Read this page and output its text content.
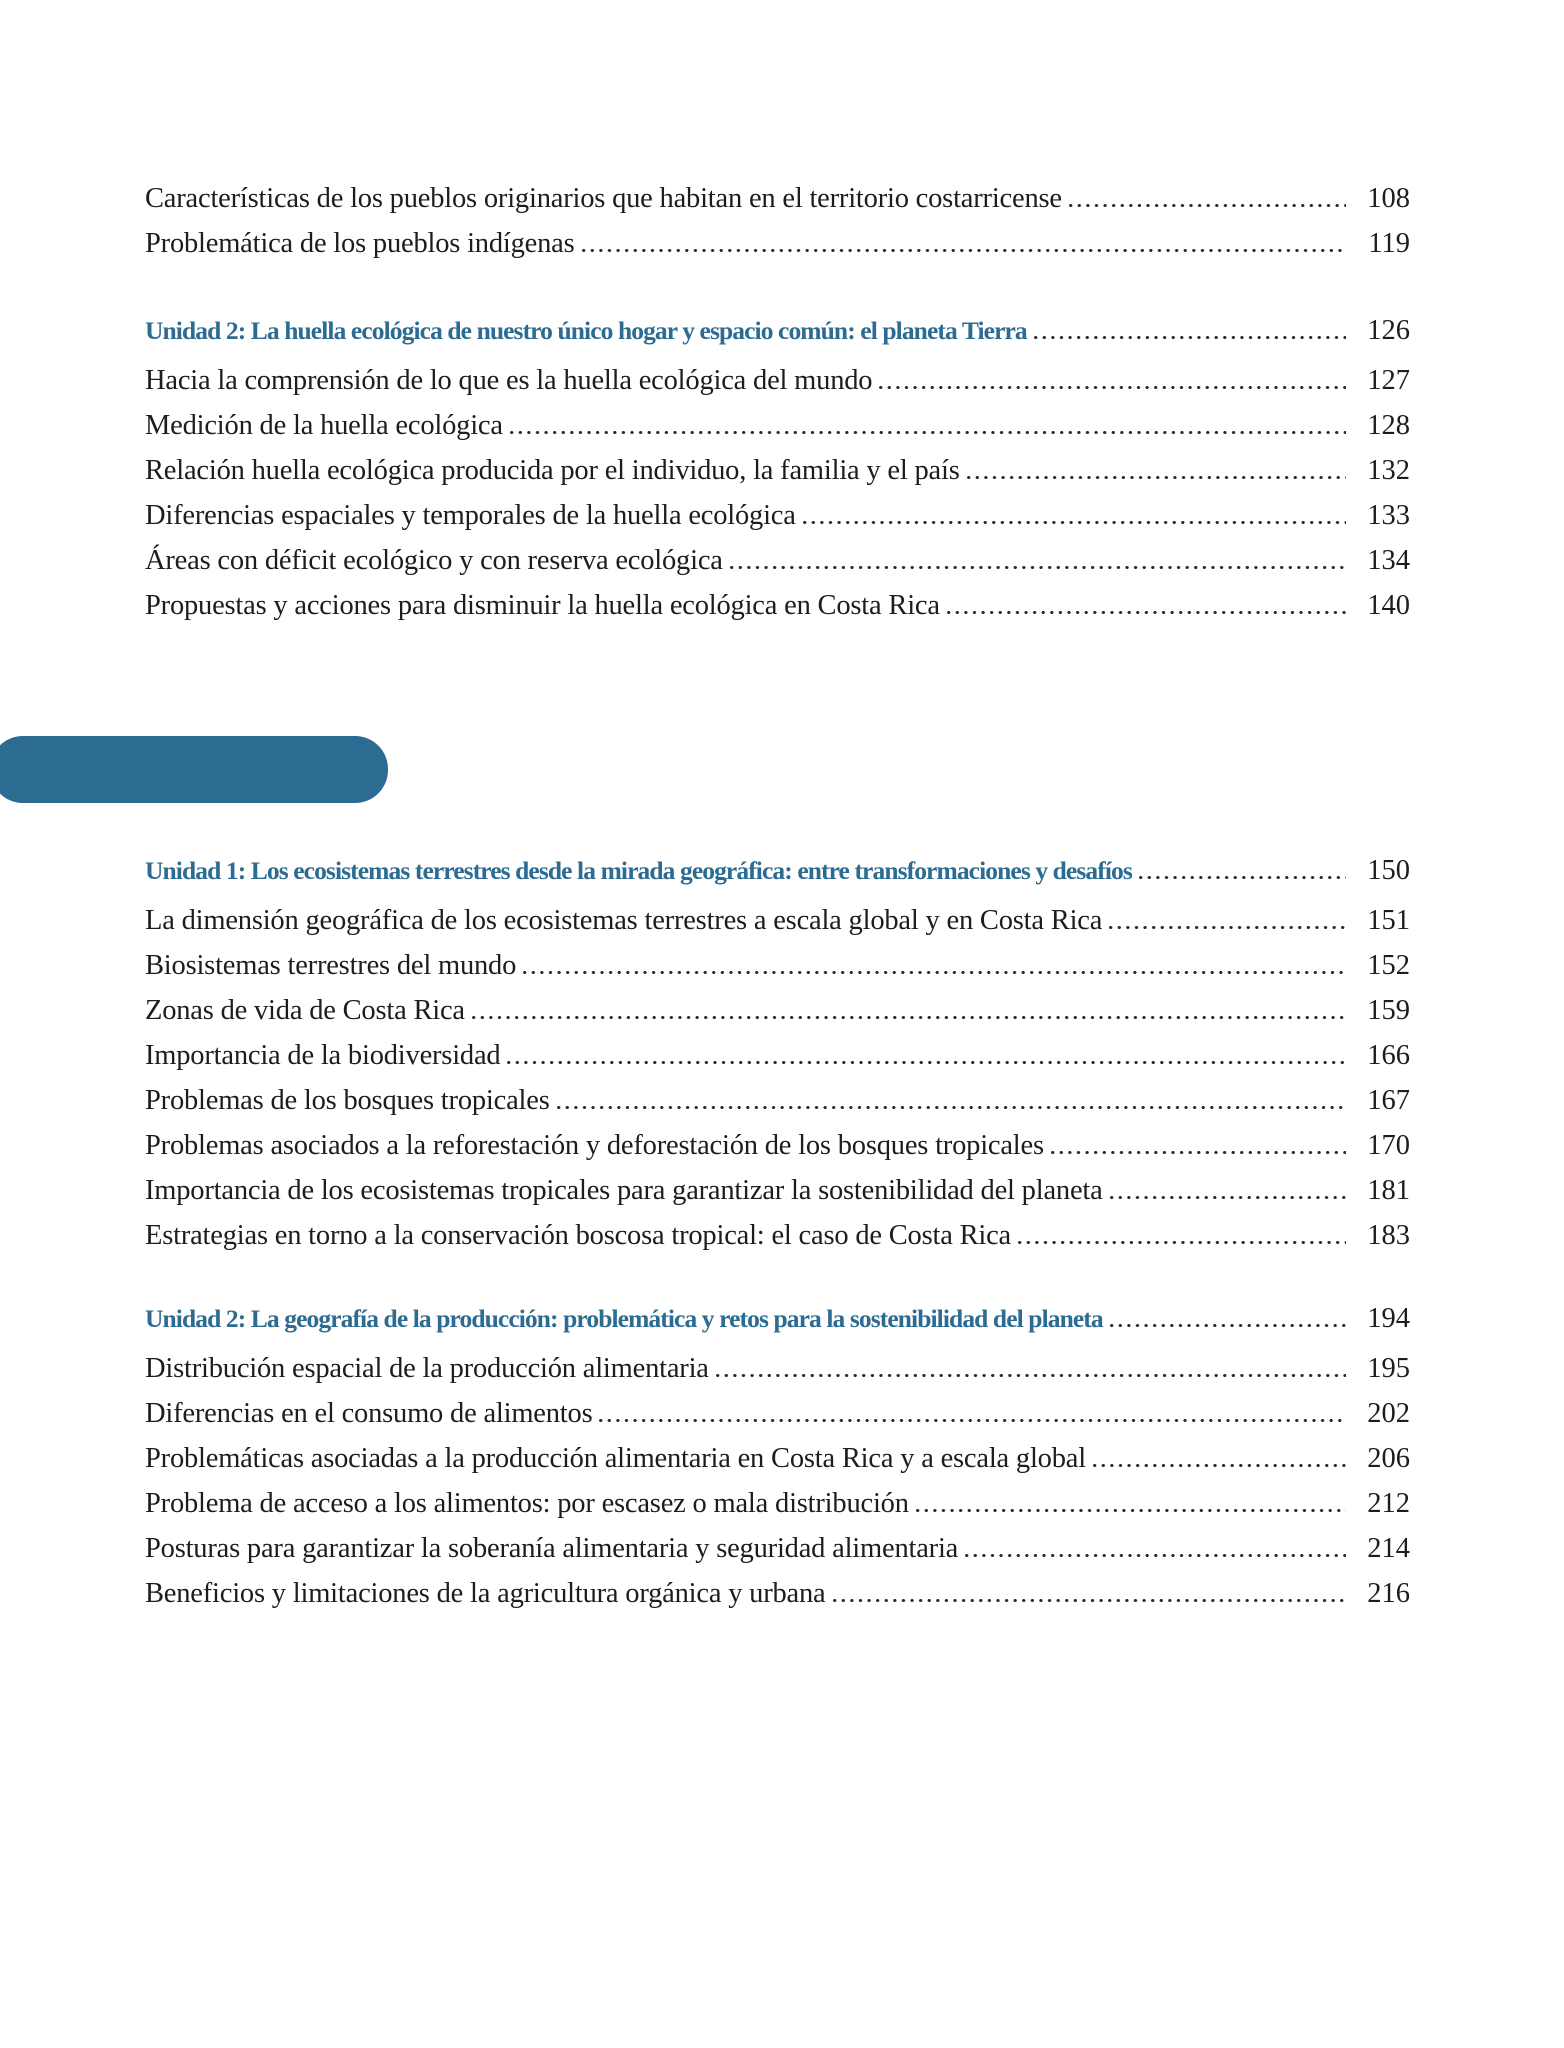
Características de los pueblos originarios que habitan en el territorio costarricense	108
Problemática de los pueblos indígenas	119
Unidad 2: La huella ecológica de nuestro único hogar y espacio común: el planeta Tierra	126
Hacia la comprensión de lo que es la huella ecológica del mundo	127
Medición de la huella ecológica	128
Relación huella ecológica producida por el individuo, la familia y el país	132
Diferencias espaciales y temporales de la huella ecológica	133
Áreas con déficit ecológico y con reserva ecológica	134
Propuestas y acciones para disminuir la huella ecológica en Costa Rica	140
Unidad 1: Los ecosistemas terrestres desde la mirada geográfica: entre transformaciones y desafíos	150
La dimensión geográfica de los ecosistemas terrestres a escala global y en Costa Rica	151
Biosistemas terrestres del mundo	152
Zonas de vida de Costa Rica	159
Importancia de la biodiversidad	166
Problemas de los bosques tropicales	167
Problemas asociados a la reforestación y deforestación de los bosques tropicales	170
Importancia de los ecosistemas tropicales para garantizar la sostenibilidad del planeta	181
Estrategias en torno a la conservación boscosa tropical: el caso de Costa Rica	183
Unidad 2: La geografía de la producción: problemática y retos para la sostenibilidad del planeta	194
Distribución espacial de la producción alimentaria	195
Diferencias en el consumo de alimentos	202
Problemáticas asociadas a la producción alimentaria en Costa Rica y a escala global	206
Problema de acceso a los alimentos: por escasez o mala distribución	212
Posturas para garantizar la soberanía alimentaria y seguridad alimentaria	214
Beneficios y limitaciones de la agricultura orgánica y urbana	216
